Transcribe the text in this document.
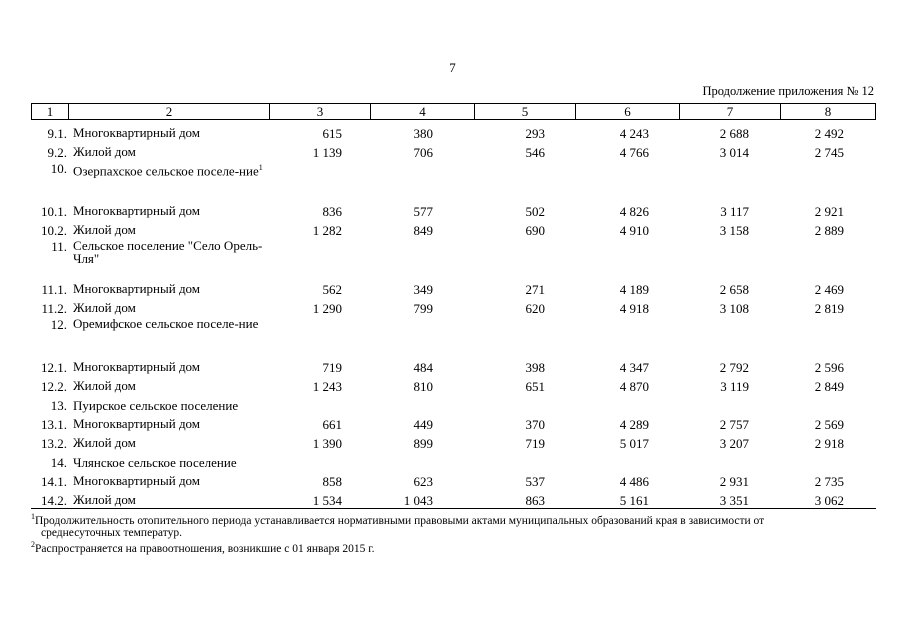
7
Продолжение приложения № 12
1	2	3	4	5	6	7	8
9.1. Многоквартирный дом	615	380	293	4 243	2 688	2 492
9.2. Жилой дом	1 139	706	546	4 766	3 014	2 745
10. Озерпахское сельское поселе-ние$^1$
10.1. Многоквартирный дом	836	577	502	4 826	3 117	2 921
10.2. Жилой дом	1 282	849	690	4 910	3 158	2 889
11. Сельское поселение "Село Орель-Чля"
11.1. Многоквартирный дом	562	349	271	4 189	2 658	2 469
11.2. Жилой дом	1 290	799	620	4 918	3 108	2 819
12. Оремифское сельское поселе-ние
12.1. Многоквартирный дом	719	484	398	4 347	2 792	2 596
12.2. Жилой дом	1 243	810	651	4 870	3 119	2 849
13. Пуирское сельское поселение
13.1. Многоквартирный дом	661	449	370	4 289	2 757	2 569
13.2. Жилой дом	1 390	899	719	5 017	3 207	2 918
14. Члянское сельское поселение
14.1. Многоквартирный дом	858	623	537	4 486	2 931	2 735
14.2. Жилой дом	1 534	1 043	863	5 161	3 351	3 062
$^1$Продолжительность отопительного периода устанавливается нормативными правовыми актами муниципальных образований края в зависимости от
среднесуточных температур.
$^2$Распространяется на правоотношения, возникшие с 01 января 2015 г.
